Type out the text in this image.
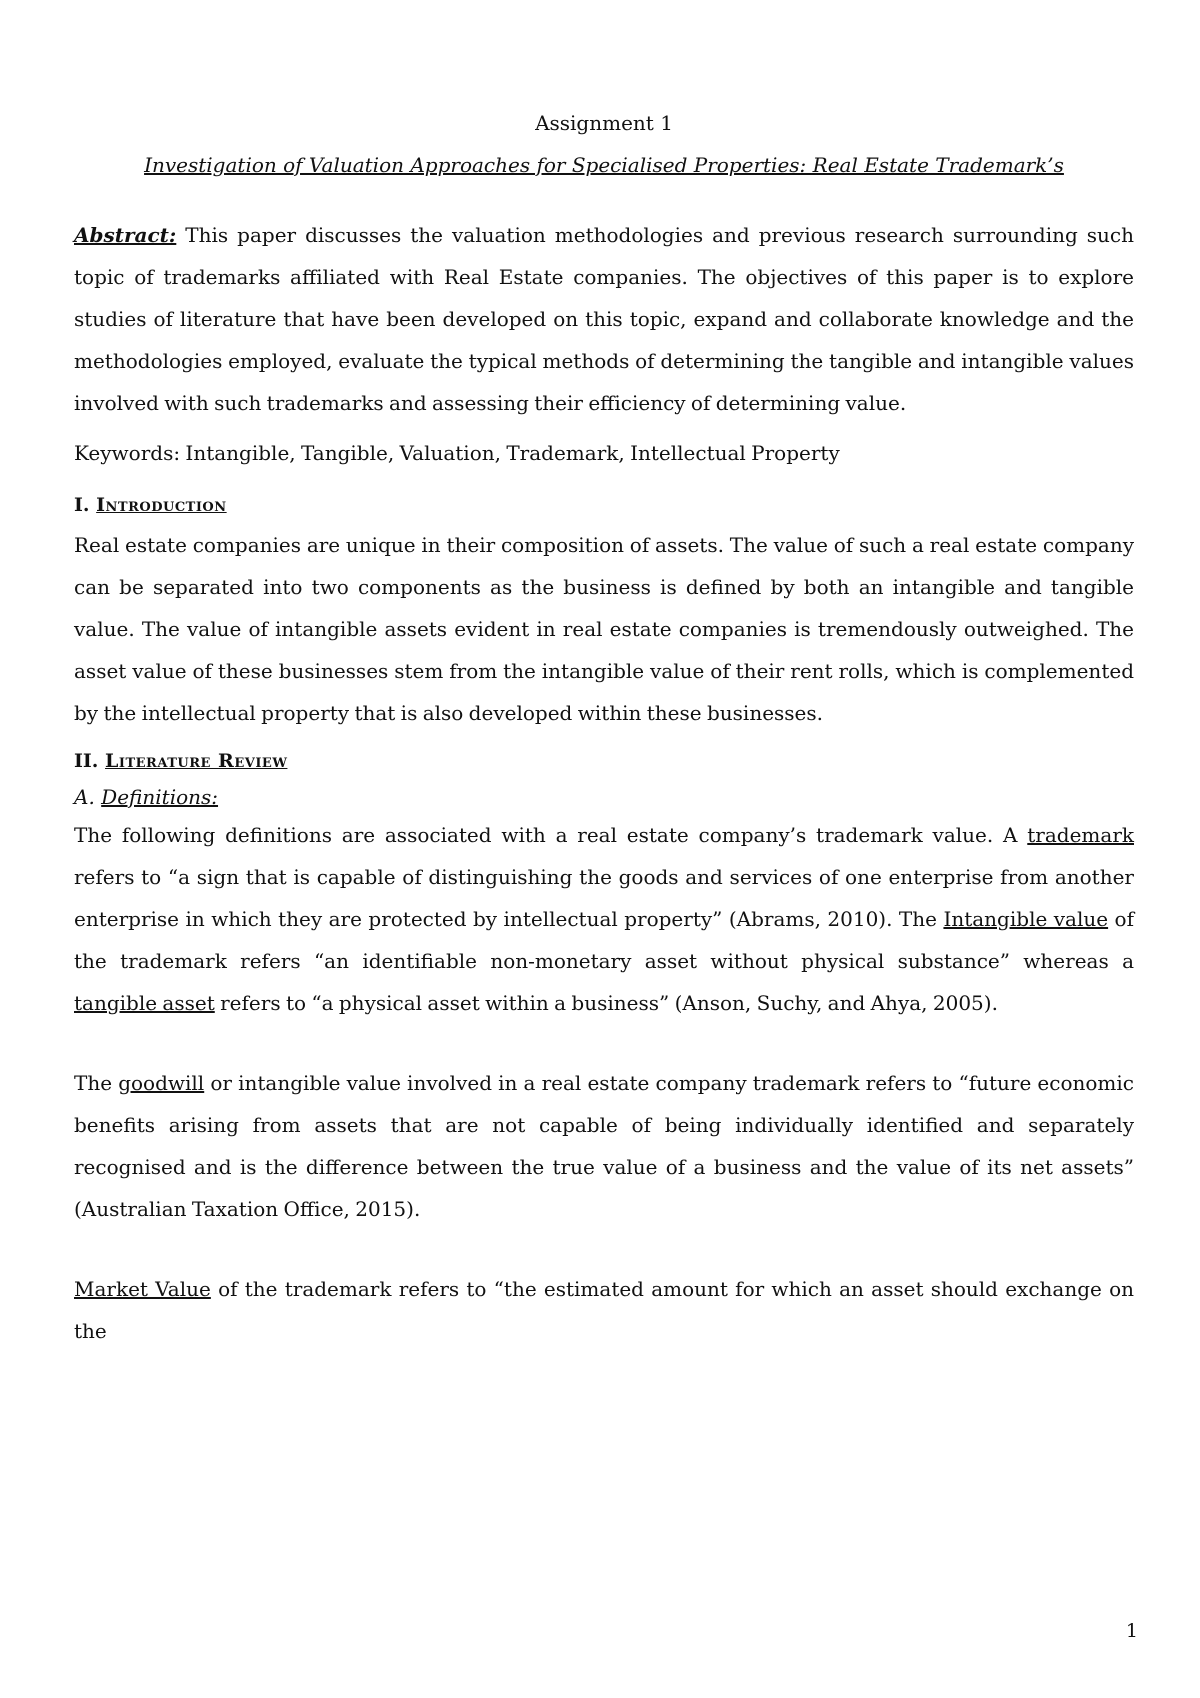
Assignment 1

Investigation of Valuation Approaches for Specialised Properties: Real Estate Trademark’s

Abstract: This paper discusses the valuation methodologies and previous research surrounding such topic of trademarks affiliated with Real Estate companies. The objectives of this paper is to explore studies of literature that have been developed on this topic, expand and collaborate knowledge and the methodologies employed, evaluate the typical methods of determining the tangible and intangible values involved with such trademarks and assessing their efficiency of determining value.

Keywords: Intangible, Tangible, Valuation, Trademark, Intellectual Property

I. Introduction

Real estate companies are unique in their composition of assets. The value of such a real estate company can be separated into two components as the business is defined by both an intangible and tangible value. The value of intangible assets evident in real estate companies is tremendously outweighed. The asset value of these businesses stem from the intangible value of their rent rolls, which is complemented by the intellectual property that is also developed within these businesses.

II. Literature Review
A. Definitions:

The following definitions are associated with a real estate company’s trademark value. A trademark refers to “a sign that is capable of distinguishing the goods and services of one enterprise from another enterprise in which they are protected by intellectual property” (Abrams, 2010). The Intangible value of the trademark refers “an identifiable non-monetary asset without physical substance” whereas a tangible asset refers to “a physical asset within a business” (Anson, Suchy, and Ahya, 2005).

The goodwill or intangible value involved in a real estate company trademark refers to “future economic benefits arising from assets that are not capable of being individually identified and separately recognised and is the difference between the true value of a business and the value of its net assets” (Australian Taxation Office, 2015).

Market Value of the trademark refers to “the estimated amount for which an asset should exchange on the

1
